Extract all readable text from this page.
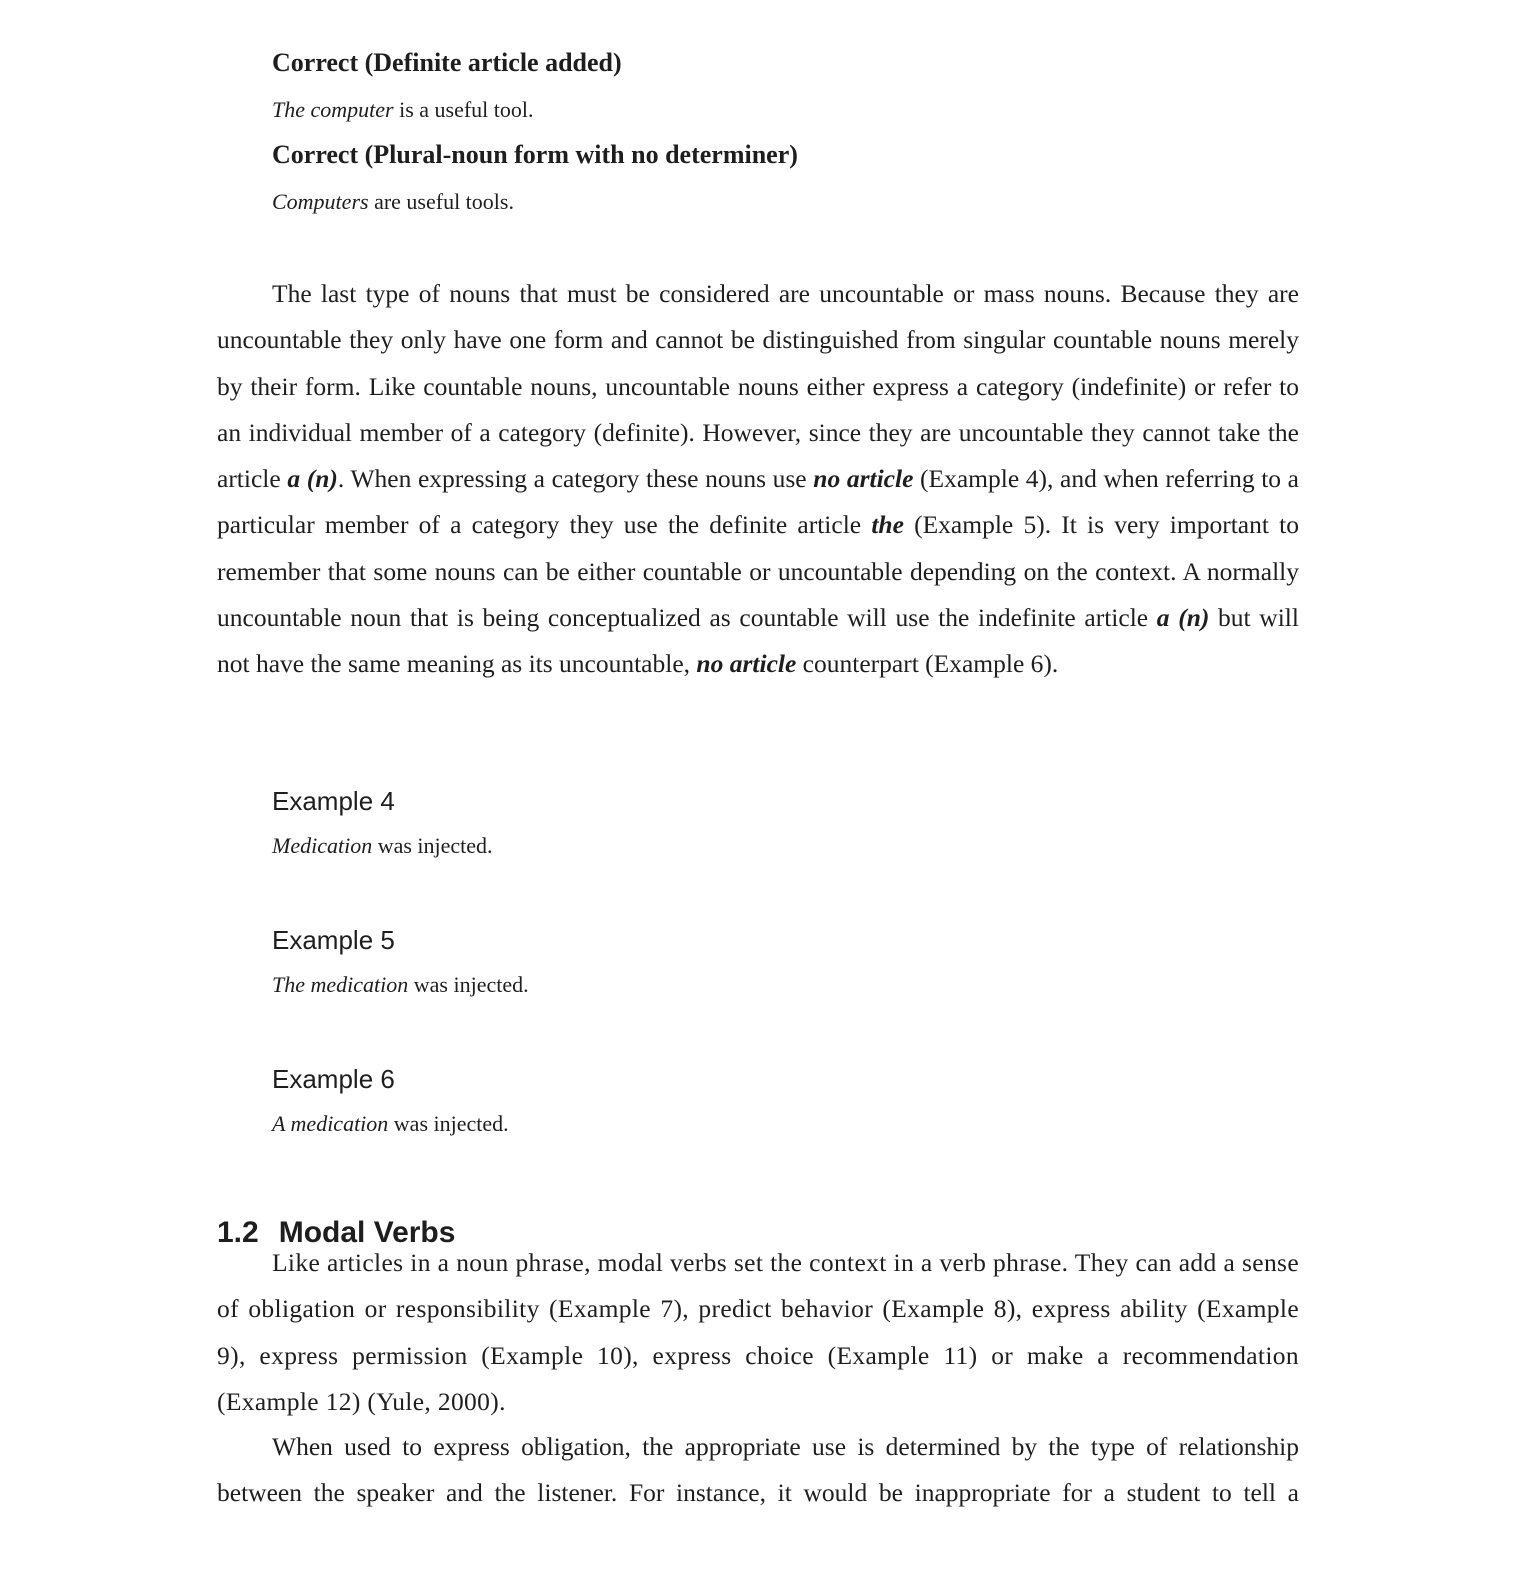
Correct (Definite article added)
The computer is a useful tool.
Correct (Plural-noun form with no determiner)
Computers are useful tools.

The last type of nouns that must be considered are uncountable or mass nouns. Because they are uncountable they only have one form and cannot be distinguished from singular countable nouns merely by their form. Like countable nouns, uncountable nouns either express a category (indefinite) or refer to an individual member of a category (definite). However, since they are uncountable they cannot take the article a (n). When expressing a category these nouns use no article (Example 4), and when referring to a particular member of a category they use the definite article the (Example 5). It is very important to remember that some nouns can be either countable or uncountable depending on the context. A normally uncountable noun that is being conceptualized as countable will use the indefinite article a (n) but will not have the same meaning as its uncountable, no article counterpart (Example 6).

Example 4
Medication was injected.
Example 5
The medication was injected.
Example 6
A medication was injected.
1.2 Modal Verbs

Like articles in a noun phrase, modal verbs set the context in a verb phrase. They can add a sense of obligation or responsibility (Example 7), predict behavior (Example 8), express ability (Example 9), express permission (Example 10), express choice (Example 11) or make a recommendation (Example 12) (Yule, 2000).

When used to express obligation, the appropriate use is determined by the type of relationship between the speaker and the listener. For instance, it would be inappropriate for a student to tell a
